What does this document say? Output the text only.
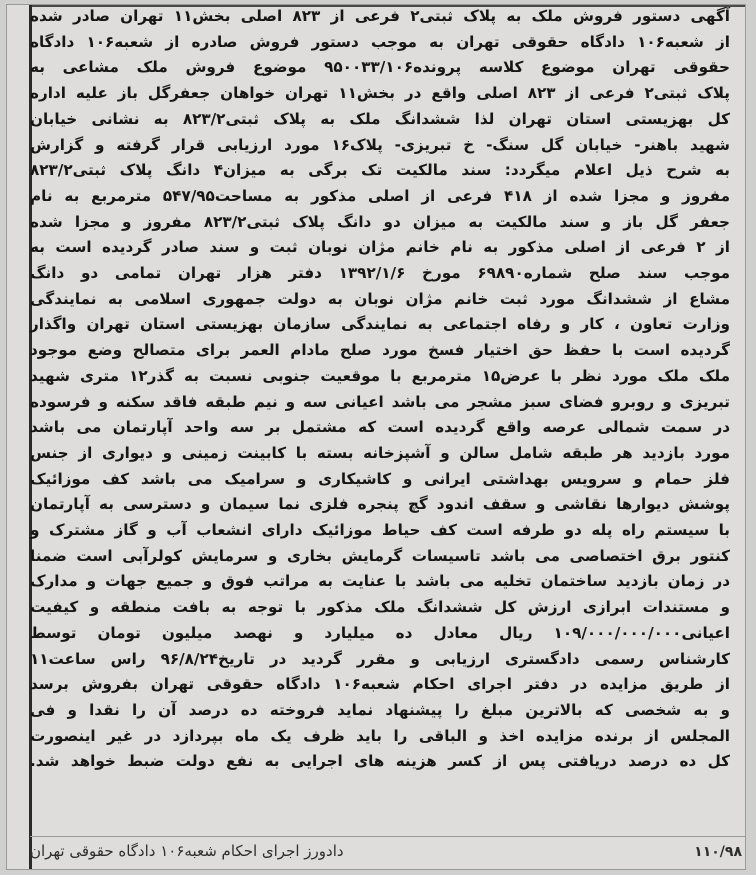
آگهی دستور فروش ملک به پلاک ثبتی۲ فرعی از ۸۲۳ اصلی بخش۱۱ تهران صادر شده

از شعبه۱۰۶ دادگاه حقوقی تهران به موجب دستور فروش صادره از شعبه۱۰۶ دادگاه

حقوقی تهران موضوع کلاسه پرونده۹۵۰۰۳۳/۱۰۶ موضوع فروش ملک مشاعی به

پلاک ثبتی۲ فرعی از ۸۲۳ اصلی واقع در بخش۱۱ تهران خواهان جعفرگل باز علیه اداره

کل بهزیستی استان تهران لذا ششدانگ ملک به پلاک ثبتی۸۲۳/۲ به نشانی خیابان

شهید باهنر- خیابان گل سنگ- خ تبریزی- پلاک۱۶ مورد ارزیابی قرار گرفته و گزارش

به شرح ذیل اعلام میگردد: سند مالکیت تک برگی به میزان۴ دانگ پلاک ثبتی۸۲۳/۲

مفروز و مجزا شده از ۴۱۸ فرعی از اصلی مذکور به مساحت۵۴۷/۹۵ مترمربع به نام

جعفر گل باز و سند مالکیت به میزان دو دانگ پلاک ثبتی۸۲۳/۲ مفروز و مجزا شده

از ۲ فرعی از اصلی مذکور به نام خانم مژان نوبان ثبت و سند صادر گردیده است به

موجب سند صلح شماره۶۹۸۹۰ مورخ ۱۳۹۲/۱/۶ دفتر هزار تهران تمامی دو دانگ

مشاع از ششدانگ مورد ثبت خانم مژان نوبان به دولت جمهوری اسلامی به نمایندگی

وزارت تعاون ، کار و رفاه اجتماعی به نمایندگی سازمان بهزیستی استان تهران واگذار

گردیده است با حفظ حق اختیار فسخ مورد صلح مادام العمر برای متصالح وضع موجود

ملک ملک مورد نظر با عرض۱۵ مترمربع با موقعیت جنوبی نسبت به گذر۱۲ متری شهید

تبریزی و روبرو فضای سبز مشجر می باشد اعیانی سه و نیم طبقه فاقد سکنه و فرسوده

در سمت شمالی عرصه واقع گردیده است که مشتمل بر سه واحد آپارتمان می باشد

مورد بازدید هر طبقه شامل سالن و آشپزخانه بسته با کابینت زمینی و دیواری از جنس

فلز حمام و سرویس بهداشتی ایرانی و کاشیکاری و سرامیک می باشد کف موزائیک

پوشش دیوارها نقاشی و سقف اندود گچ پنجره فلزی نما سیمان و دسترسی به آپارتمان

با سیستم راه پله دو طرفه است کف حیاط موزائیک دارای انشعاب آب و گاز مشترک و

کنتور برق اختصاصی می باشد تاسیسات گرمایش بخاری و سرمایش کولرآبی است ضمنا

در زمان بازدید ساختمان تخلیه می باشد با عنایت به مراتب فوق و جمیع جهات و مدارک

و مستندات ابرازی ارزش کل ششدانگ ملک مذکور با توجه به بافت منطقه و کیفیت

اعیانی۱۰۹/۰۰۰/۰۰۰/۰۰۰ ریال معادل ده میلیارد و نهصد میلیون تومان توسط

کارشناس رسمی دادگستری ارزیابی و مقرر گردید در تاریخ۹۶/۸/۲۴ راس ساعت۱۱

از طریق مزایده در دفتر اجرای احکام شعبه۱۰۶ دادگاه حقوقی تهران بفروش برسد

و به شخصی که بالاترین مبلغ را پیشنهاد نماید فروخته ده درصد آن را نقدا و فی

المجلس از برنده مزایده اخذ و الباقی را باید ظرف یک ماه بپردازد در غیر اینصورت

کل ده درصد دریافتی پس از کسر هزینه های اجرایی به نفع دولت ضبط خواهد شد.

۱۱۰/۹۸
دادورز اجرای احکام شعبه۱۰۶ دادگاه حقوقی تهران
